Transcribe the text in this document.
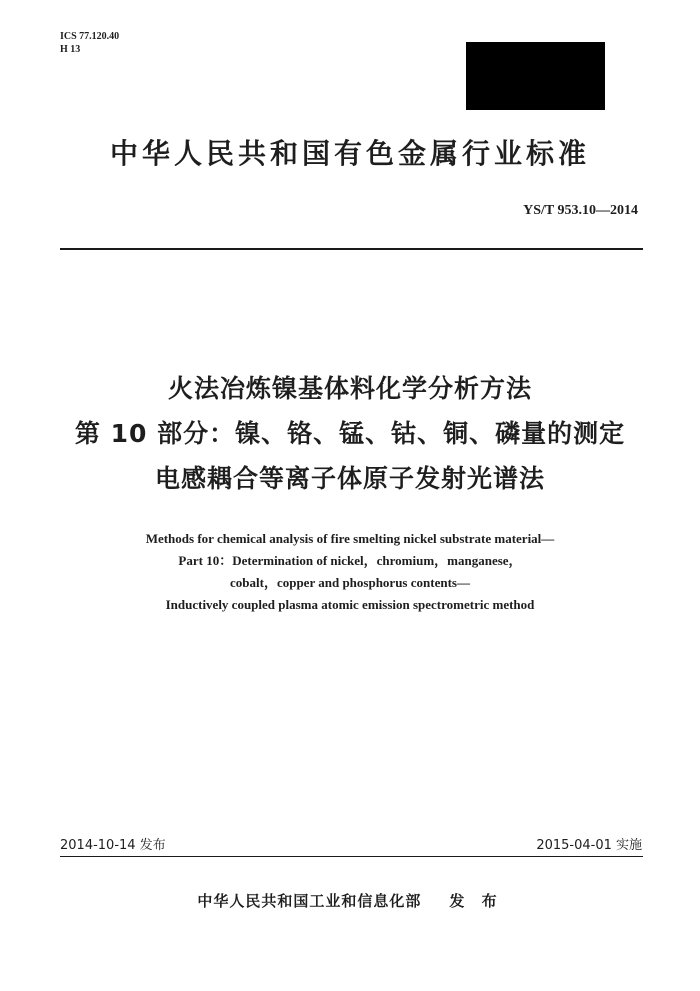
ICS 77.120.40
H 13
中华人民共和国有色金属行业标准
YS/T 953.10—2014
火法冶炼镍基体料化学分析方法
第 10 部分：镍、铬、锰、钴、铜、磷量的测定
电感耦合等离子体原子发射光谱法
Methods for chemical analysis of fire smelting nickel substrate material—
Part 10：Determination of nickel，chromium，manganese，
cobalt，copper and phosphorus contents—
Inductively coupled plasma atomic emission spectrometric method
2014-10-14 发布	2015-04-01 实施
中华人民共和国工业和信息化部 发 布
